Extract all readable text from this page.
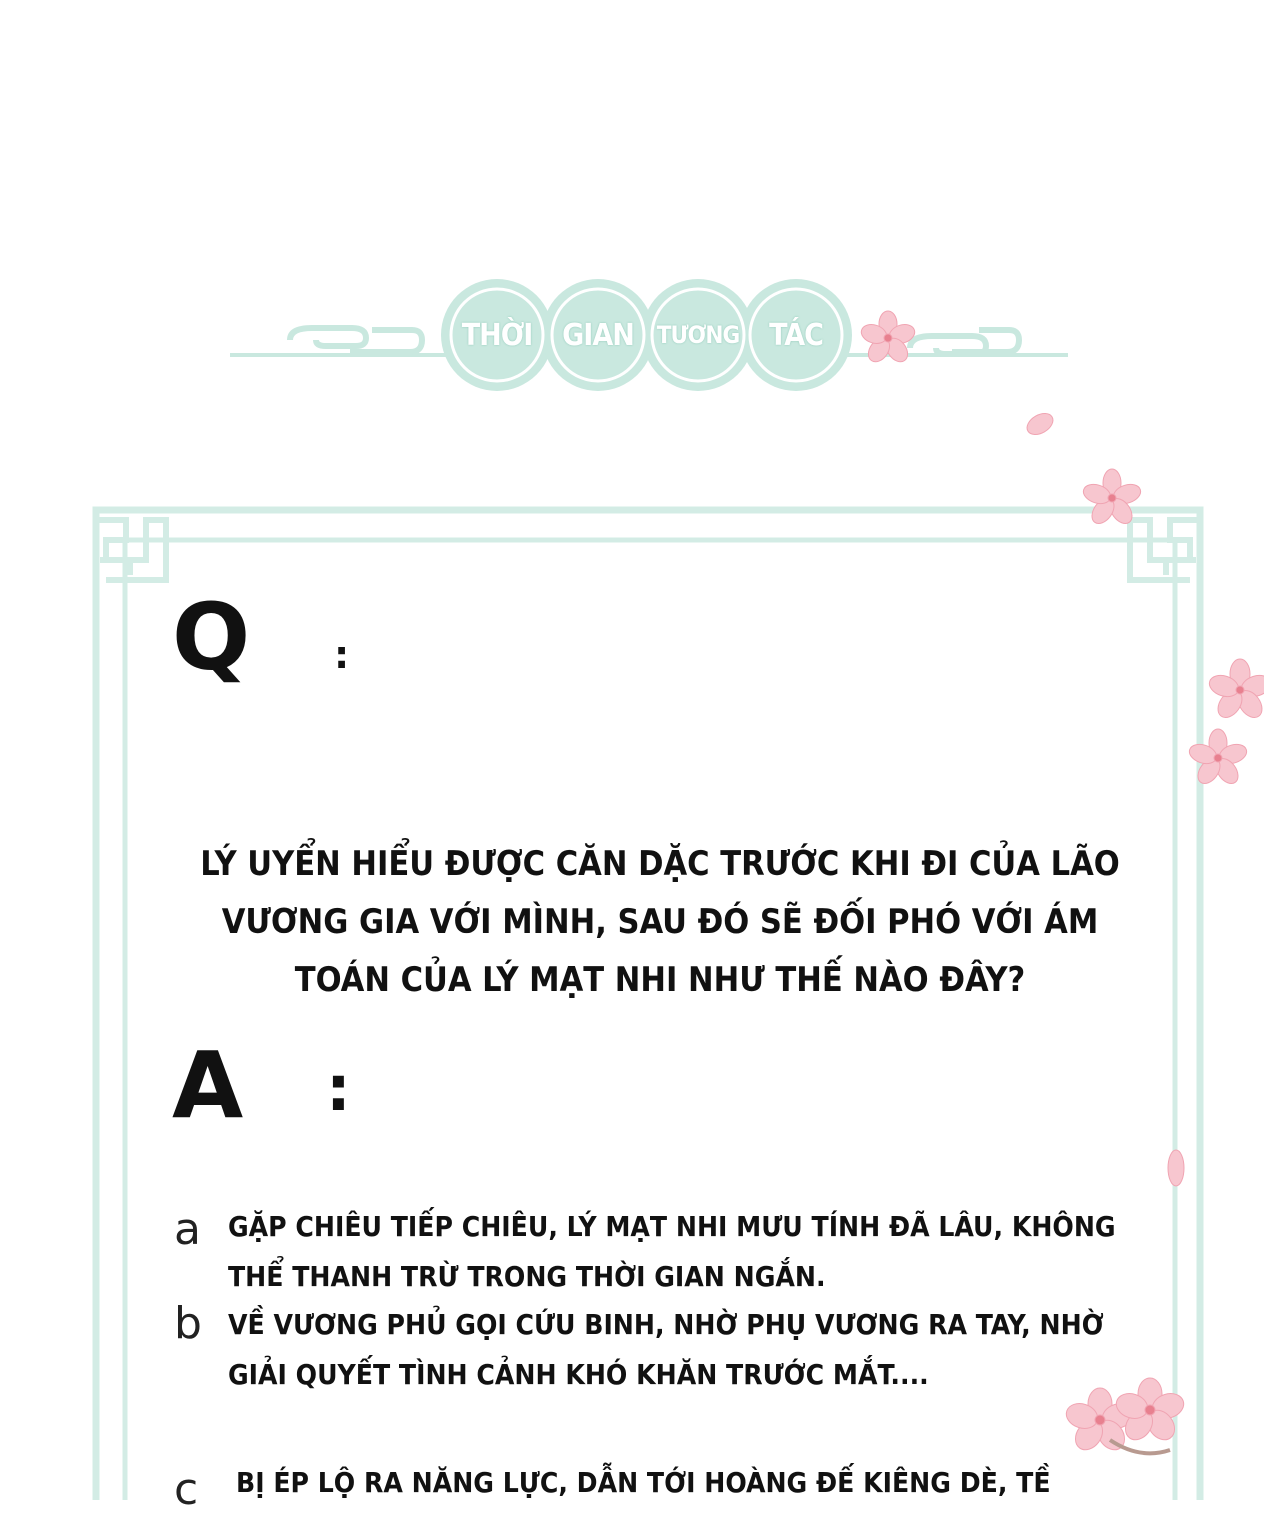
THỜI GIAN TƯƠNG TÁC
Q :
LÝ UYỂN HIỂU ĐƯỢC CĂN DẶC TRƯỚC KHI ĐI CỦA LÃO VƯƠNG GIA VỚI MÌNH, SAU ĐÓ SẼ ĐỐI PHÓ VỚI ÁM TOÁN CỦA LÝ MẠT NHI NHƯ THẾ NÀO ĐÂY?
A :
a GẶP CHIÊU TIẾP CHIÊU, LÝ MẠT NHI MƯU TÍNH ĐÃ LÂU, KHÔNG THỂ THANH TRỪ TRONG THỜI GIAN NGẮN.
b VỀ VƯƠNG PHỦ GỌI CỨU BINH, NHỜ PHỤ VƯƠNG RA TAY, NHỜ GIẢI QUYẾT TÌNH CẢNH KHÓ KHĂN TRƯỚC MẮT....
c BỊ ÉP LỘ RA NĂNG LỰC, DẪN TỚI HOÀNG ĐẾ KIÊNG DÈ, TỀ
